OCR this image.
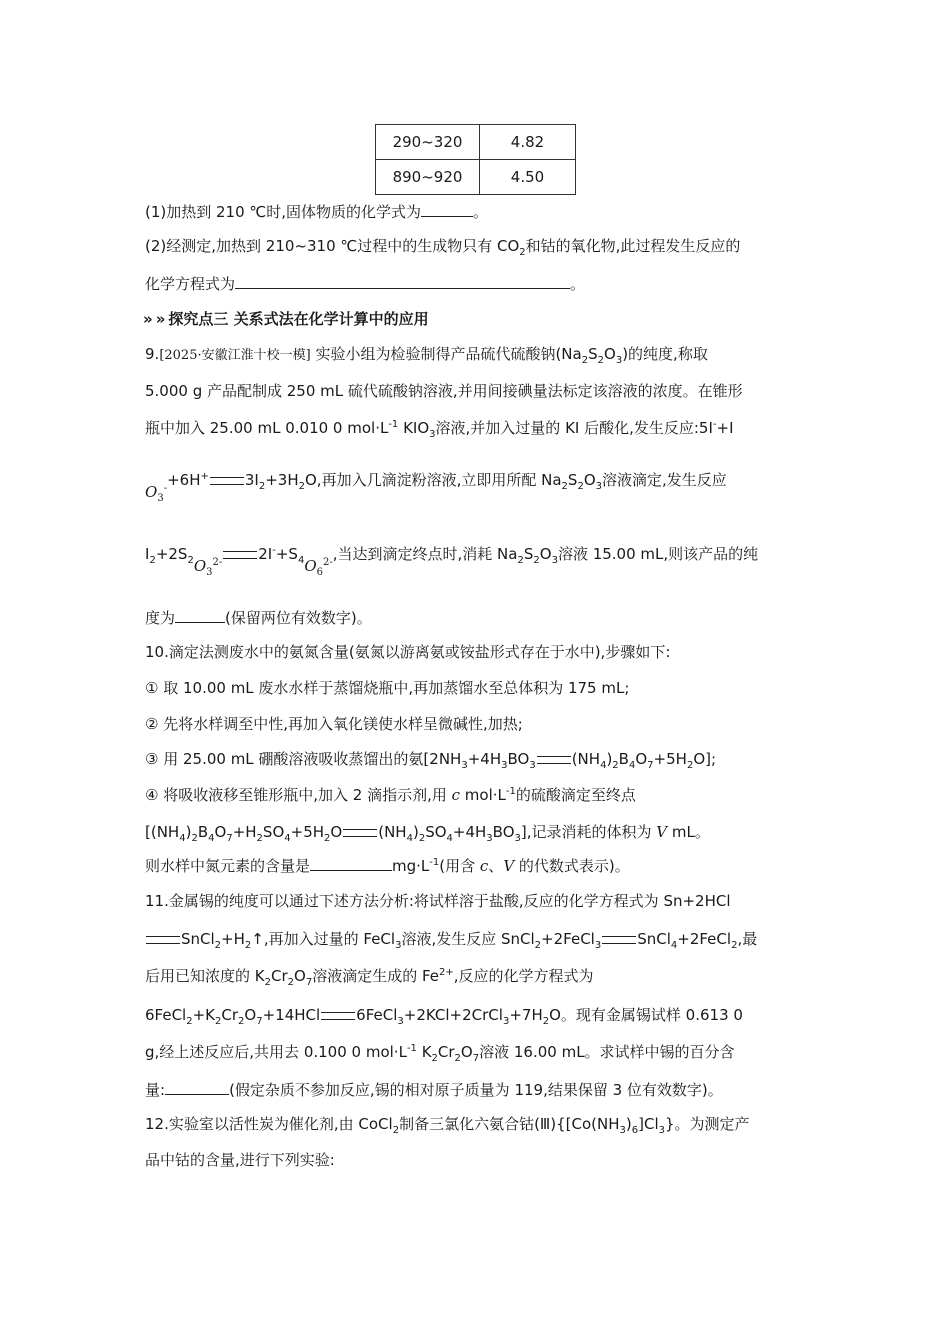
290~320	4.82
890~920	4.50
(1)加热到 210 ℃时,固体物质的化学式为	。
(2)经测定,加热到 210~310 ℃过程中的生成物只有 $CO_2$和钴的氧化物,此过程发生反应的
化学方程式为	。
» » 探究点三 关系式法在化学计算中的应用
9.[2025·安徽江淮十校一模] 实验小组为检验制得产品硫代硫酸钠$(Na_2S_2O_3)$的纯度,称取
5.000 g 产品配制成 250 mL 硫代硫酸钠溶液,并用间接碘量法标定该溶液的浓度。在锥形
瓶中加入 25.00 mL 0.010 0 $mol\cdot L^{-1}$ $KIO_3$溶液,并加入过量的 KI 后酸化,发生反应:5I-+I
$O_3^-+6H^+$ $3I_2+3H_2O$,再加入几滴淀粉溶液,立即用所配 $Na_2S_2O_3$溶液滴定,发生反应
$I_2+2S_2O_3^{2-}$ $2I^-+S_4O_6^{2-}$,当达到滴定终点时,消耗 $Na_2S_2O_3$溶液 15.00 mL,则该产品的纯
度为	(保留两位有效数字)。
10.滴定法测废水中的氨氮含量(氨氮以游离氨或铵盐形式存在于水中),步骤如下:
① 取 10.00 mL 废水水样于蒸馏烧瓶中,再加蒸馏水至总体积为 175 mL;
② 先将水样调至中性,再加入氧化镁使水样呈微碱性,加热;
③ 用 25.00 mL 硼酸溶液吸收蒸馏出的氨[$2NH_3+4H_3BO_3$ $(NH_4)_2B_4O_7+5H_2O$];
④ 将吸收液移至锥形瓶中,加入 2 滴指示剂,用 c $mol\cdot L^{-1}$的硫酸滴定至终点
[$(NH_4)_2B_4O_7+H_2SO_4+5H_2O$ $(NH_4)_2SO_4+4H_3BO_3$],记录消耗的体积为 V mL。
则水样中氮元素的含量是	$mg\cdot L^{-1}$(用含 c、V 的代数式表示)。
11.金属锡的纯度可以通过下述方法分析:将试样溶于盐酸,反应的化学方程式为 Sn+2HCl
$SnCl_2+H_2↑$,再加入过量的 FeCl$_3$溶液,发生反应 SnCl$_2$+2FeCl$_3$ SnCl$_4$+2FeCl$_2$,最
后用已知浓度的 $K_2Cr_2O_7$溶液滴定生成的 $Fe^{2+}$,反应的化学方程式为
$6FeCl_2+K_2Cr_2O_7+14HCl$ $6FeCl_3+2KCl+2CrCl_3+7H_2O$。现有金属锡试样 0.613 0
g,经上述反应后,共用去 0.100 0 $mol\cdot L^{-1}$ $K_2Cr_2O_7$溶液 16.00 mL。求试样中锡的百分含
量:	(假定杂质不参加反应,锡的相对原子质量为 119,结果保留 3 位有效数字)。
12.实验室以活性炭为催化剂,由 CoCl$_2$制备三氯化六氨合钴$(Ⅲ)\{[Co(NH_3)_6]Cl_3\}$。为测定产
品中钴的含量,进行下列实验:
